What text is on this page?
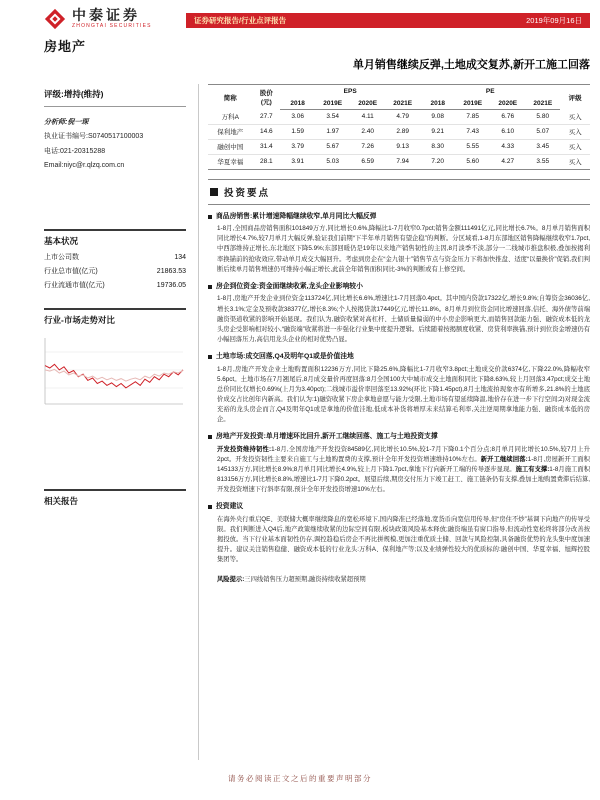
中泰证券
ZHONGTAI SECURITIES
证券研究报告/行业点评报告	2019年09月16日
房地产
单月销售继续反弹,土地成交复苏,新开工施工回落
评级:增持(维持)
分析师:倪一琛
执业证书编号:S0740517100003
电话:021-20315288
Email:niyc@r.qlzq.com.cn
基本状况
上市公司数	134
行业总市值(亿元)	21863.53
行业流通市值(亿元)	19736.05
行业-市场走势对比
相关报告
简称	股价
(元)	EPS				PE				评级
		2018	2019E	2020E	2021E	2018	2019E	2020E	2021E	
万科A	27.7	3.06	3.54	4.11	4.79	9.08	7.85	6.76	5.80	买入
保利地产	14.6	1.59	1.97	2.40	2.89	9.21	7.43	6.10	5.07	买入
融创中国	31.4	3.79	5.67	7.26	9.13	8.30	5.55	4.33	3.45	买入
华夏幸福	28.1	3.91	5.03	6.59	7.94	7.20	5.60	4.27	3.55	买入
投资要点
商品房销售:累计增速降幅继续收窄,单月同比大幅反弹
1-8月,全国商品房销售面积101849万方,同比增长0.6%,降幅比1-7月收窄0.7pct;销售金额111491亿元,同比增长6.7%。8月单月销售面积同比增长4.7%,较7月单月大幅反弹,验证我们前期“下半年单月销售有望企稳”的判断。分区域看,1-8月东部地区销售降幅继续收窄1.7pct,中西部维持正增长,东北地区下降5.9%;东部回暖仍是19年以来地产销售韧性的主因,8月淡季不淡,部分一二线城市推盘积极,叠加按揭利率换锚前的抢收效应,带动单月成交大幅回升。考虑到房企在“金九银十”销售节点与资金压力下将加快推盘、适度“以量换价”促销,我们判断后续单月销售增速仍可维持小幅正增长,此前全年销售面积同比-3%的判断或有上修空间。
房企到位资金:资金面继续收紧,龙头企业影响较小
1-8月,房地产开发企业到位资金113724亿,同比增长6.6%,增速比1-7月回落0.4pct。其中国内贷款17322亿,增长9.8%;自筹资金36036亿,增长3.1%;定金及预收款38377亿,增长8.3%;个人按揭贷款17449亿元,增长11.8%。8月单月到位资金同比增速回落,信托、海外债等前端融资渠道收紧的影响开始显现。我们认为,融资收紧对高杠杆、土储质量偏弱的中小房企影响更大,而销售回款能力强、融资成本低的龙头房企受影响相对较小,“融资端”收紧将进一步强化行业集中度提升逻辑。后续随着按揭额度收紧、房贷利率换锚,预计到位资金增速仍有小幅回落压力,高信用龙头企业的相对优势凸显。
土地市场:成交回落,Q4及明年Q1或是价值洼地
1-8月,房地产开发企业土地购置面积12236万方,同比下降25.6%,降幅比1-7月收窄3.8pct;土地成交价款6374亿,下降22.0%,降幅收窄5.6pct。土地市场在7月翘尾后,8月成交量价再度回落:8月全国100大中城市成交土地面积同比下降8.63%,较上月回落3.47pct;成交土地总价同比仅增长0.69%(上月为3.40pct);二线城市溢价率回落至13.92%(环比下降1.45pct),8月土地流拍现象亦有所增多,21.8%的土地底价成交占比创年内新高。我们认为:1)融资收紧下房企拿地意愿与能力受限,土地市场有望延续降温,地价存在进一步下行空间;2)对现金流充裕的龙头房企而言,Q4及明年Q1或是拿地的价值洼地,低成本补货将增厚未来结算毛利率,关注逆周期拿地能力强、融资成本低的房企。
房地产开发投资:单月增速环比回升,新开工继续回落、施工与土地投资支撑
开发投资维持韧性:1-8月,全国房地产开发投资84589亿,同比增长10.5%,较1-7月下降0.1个百分点;8月单月同比增长10.5%,较7月上升2pct。开发投资韧性主要来自施工与土地购置费的支撑,预计全年开发投资增速维持10%左右。新开工继续回落:1-8月,房屋新开工面积145133万方,同比增长8.9%;8月单月同比增长4.9%,较上月下降1.7pct,拿地下行向新开工端的传导逐步显现。施工有支撑:1-8月施工面积813156万方,同比增长8.8%,增速比1-7月下降0.2pct。展望后续,期房交付压力下竣工赶工、施工链条仍有支撑,叠加土地购置费滞后结算,开发投资增速下行斜率有限,预计全年开发投资增速10%左右。
投资建议
在海外央行重启QE、美联储大概率继续降息的宽松环境下,国内降准已经落地,宽货币向宽信用传导,但“房住不炒”基调下向地产的传导受限。我们判断进入Q4后,地产政策继续收紧的边际空间有限,板块政策风险基本释放;融资端虽有窗口指导,但流动性宽松终将部分改善按揭投放。当下行业基本面韧性仍存,调控趋稳后房企不再比拼规模,更加注重优质土储、回款与风险控制,具备融资优势的龙头集中度加速提升。建议关注销售稳健、融资成本低的行业龙头:万科A、保利地产等;以及业绩弹性较大的优质标的:融创中国、华夏幸福、旭辉控股集团等。
风险提示:三四线销售压力超预期,融资持续收紧超预期
请务必阅读正文之后的重要声明部分
